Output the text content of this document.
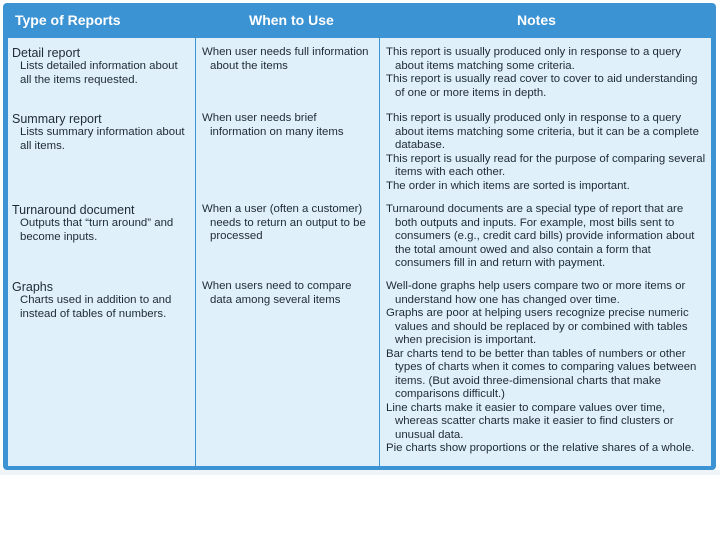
Type of Reports	When to Use	Notes
Detail report
Lists detailed information about all the items requested.
When user needs full information about the items
This report is usually produced only in response to a query about items matching some criteria.
This report is usually read cover to cover to aid understanding of one or more items in depth.
Summary report
Lists summary information about all items.
When user needs brief information on many items
This report is usually produced only in response to a query about items matching some criteria, but it can be a complete database.
This report is usually read for the purpose of comparing several items with each other.
The order in which items are sorted is important.
Turnaround document
Outputs that “turn around” and become inputs.
When a user (often a customer) needs to return an output to be processed
Turnaround documents are a special type of report that are both outputs and inputs. For example, most bills sent to consumers (e.g., credit card bills) provide information about the total amount owed and also contain a form that consumers fill in and return with payment.
Graphs
Charts used in addition to and instead of tables of numbers.
When users need to compare data among several items
Well-done graphs help users compare two or more items or understand how one has changed over time.
Graphs are poor at helping users recognize precise numeric values and should be replaced by or combined with tables when precision is important.
Bar charts tend to be better than tables of numbers or other types of charts when it comes to comparing values between items. (But avoid three-dimensional charts that make comparisons difficult.)
Line charts make it easier to compare values over time, whereas scatter charts make it easier to find clusters or unusual data.
Pie charts show proportions or the relative shares of a whole.
